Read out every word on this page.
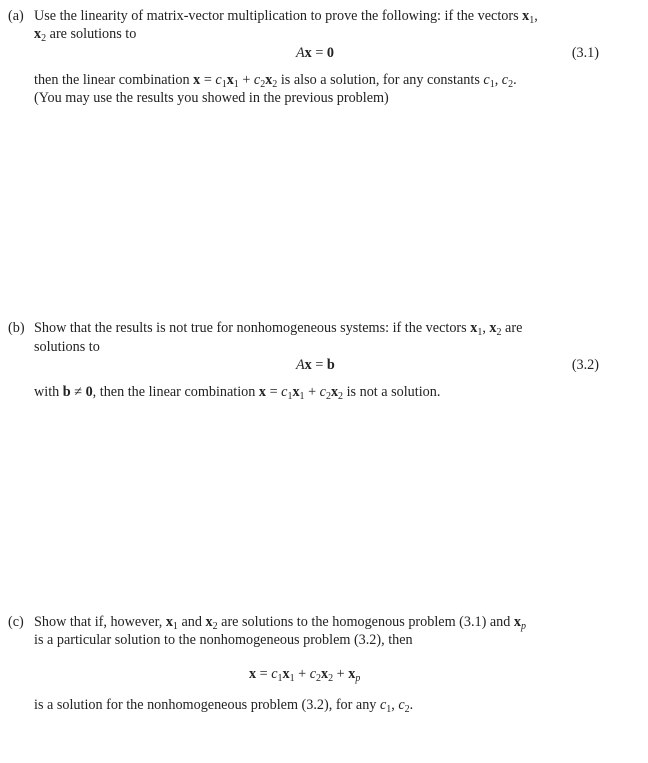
(a) Use the linearity of matrix-vector multiplication to prove the following: if the vectors $x_1$,
$x_2$ are solutions to
Ax = 0	(3.1)
then the linear combination $x = c_1x_1 + c_2x_2$ is also a solution, for any constants $c_1$, $c_2$.
(You may use the results you showed in the previous problem)
(b) Show that the results is not true for nonhomogeneous systems: if the vectors $x_1$, $x_2$ are
solutions to
Ax = b	(3.2)
with b ≠ 0, then the linear combination $x = c_1x_1 + c_2x_2$ is not a solution.
(c) Show that if, however, $x_1$ and $x_2$ are solutions to the homogenous problem (3.1) and $x_p$
is a particular solution to the nonhomogeneous problem (3.2), then
$x = c_1x_1 + c_2x_2 + x_p$
is a solution for the nonhomogeneous problem (3.2), for any $c_1$, $c_2$.
